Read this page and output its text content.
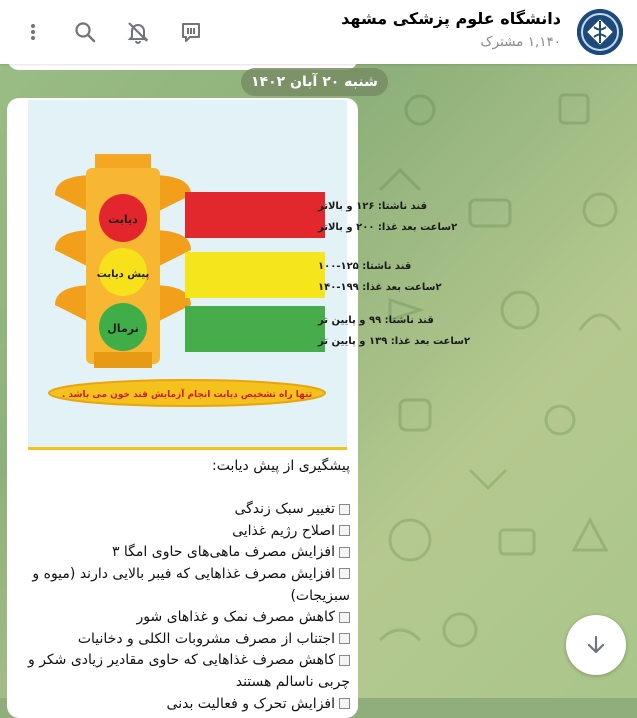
دانشگاه علوم پزشکی مشهد
۱,۱۴۰ مشترک
شنبه ۲۰ آبان ۱۴۰۲
دیابت
پیش دیابت
نرمال
قند ناشتا: ۱۲۶ و بالاتر
۲ساعت بعد غذا: ۲۰۰ و بالاتر
قند ناشتا: ۱۲۵-۱۰۰
۲ساعت بعد غذا: ۱۹۹-۱۴۰
قند ناشتا: ۹۹ و پایین تر
۲ساعت بعد غذا: ۱۳۹ و پایین تر
تنها راه تشخیص دیابت انجام آزمایش قند خون می باشد .

پیشگیری از پیش دیابت:

تغییر سبک زندگی

اصلاح رژیم غذایی

افزایش مصرف ماهی‌های حاوی امگا ۳

افزایش مصرف غذاهایی که فیبر بالایی دارند (میوه و سبزیجات)

کاهش مصرف نمک و غذاهای شور

اجتناب از مصرف مشروبات الکلی و دخانیات

کاهش مصرف غذاهایی که حاوی مقادیر زیادی شکر و چربی ناسالم هستند

افزایش تحرک و فعالیت بدنی
